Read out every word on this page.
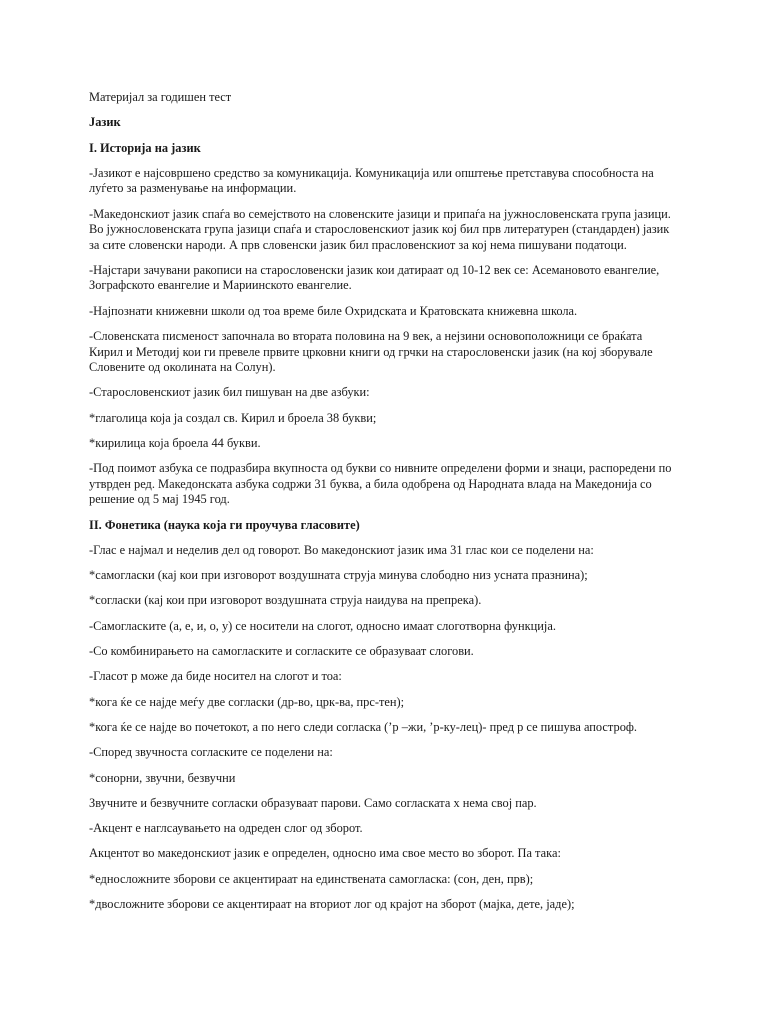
Материјал за годишен тест

Јазик

I. Историја на јазик

-Јазикот е најсовршено средство за комуникација. Комуникација или општење претставува способноста на луѓето за разменување на информации.

-Македонскиот јазик спаѓа во семејството на словенските јазици и припаѓа на јужнословенската група јазици. Во јужнословенската група јазици спаѓа и старословенскиот јазик кој бил прв литературен (стандарден) јазик за сите словенски народи. А прв словенски јазик бил прасловенскиот за кој нема пишувани податоци.

-Најстари зачувани ракописи на старословенски јазик кои датираат од 10-12 век се: Асемановото евангелие, Зографското евангелие и Мариинското евангелие.

-Најпознати книжевни школи од тоа време биле Охридската и Кратовската книжевна школа.

-Словенската писменост започнала во втората половина на 9 век, а нејзини основоположници се браќата Кирил и Методиј кои ги превеле првите црковни книги од грчки на старословенски јазик (на кој зборувале Словените од околината на Солун).

-Старословенскиот јазик бил пишуван на две азбуки:

*глаголица која ја создал св. Кирил и броела 38 букви;

*кирилица која броела 44 букви.

-Под поимот азбука се подразбира вкупноста од букви со нивните определени форми и знаци, распоредени по утврден ред. Македонската азбука содржи 31 буква, а била одобрена од Народната влада на Македонија со решение од 5 мај 1945 год.

II. Фонетика (наука која ги проучува гласовите)

-Глас е најмал и неделив дел од говорот. Во македонскиот јазик има 31 глас кои се поделени на:

*самогласки (кај кои при изговорот воздушната струја минува слободно низ усната празнина);

*согласки (кај кои при изговорот воздушната струја наидува на препрека).

-Самогласките (а, е, и, о, у) се носители на слогот, односно имаат слоготворна функција.

-Со комбинирањето на самогласките и согласките се образуваат слогови.

-Гласот р може да биде носител на слогот и тоа:

*кога ќе се најде меѓу две согласки (др-во, црк-ва, прс-тен);

*кога ќе се најде во почетокот, а по него следи согласка (ʼр –жи, ʼр-ку-лец)- пред р се пишува апостроф.

-Според звучноста согласките се поделени на:

*сонорни, звучни, безвучни

Звучните и безвучните согласки образуваат парови. Само согласката х нема свој пар.

-Акцент е наглсаувањето на одреден слог од зборот.

Акцентот во македонскиот јазик е определен, односно има свое место во зборот. Па така:

*едносложните зборови се акцентираат на единствената самогласка: (сон, ден, прв);

*двосложните зборови се акцентираат на вториот лог од крајот на зборот (мајка, дете, јаде);
